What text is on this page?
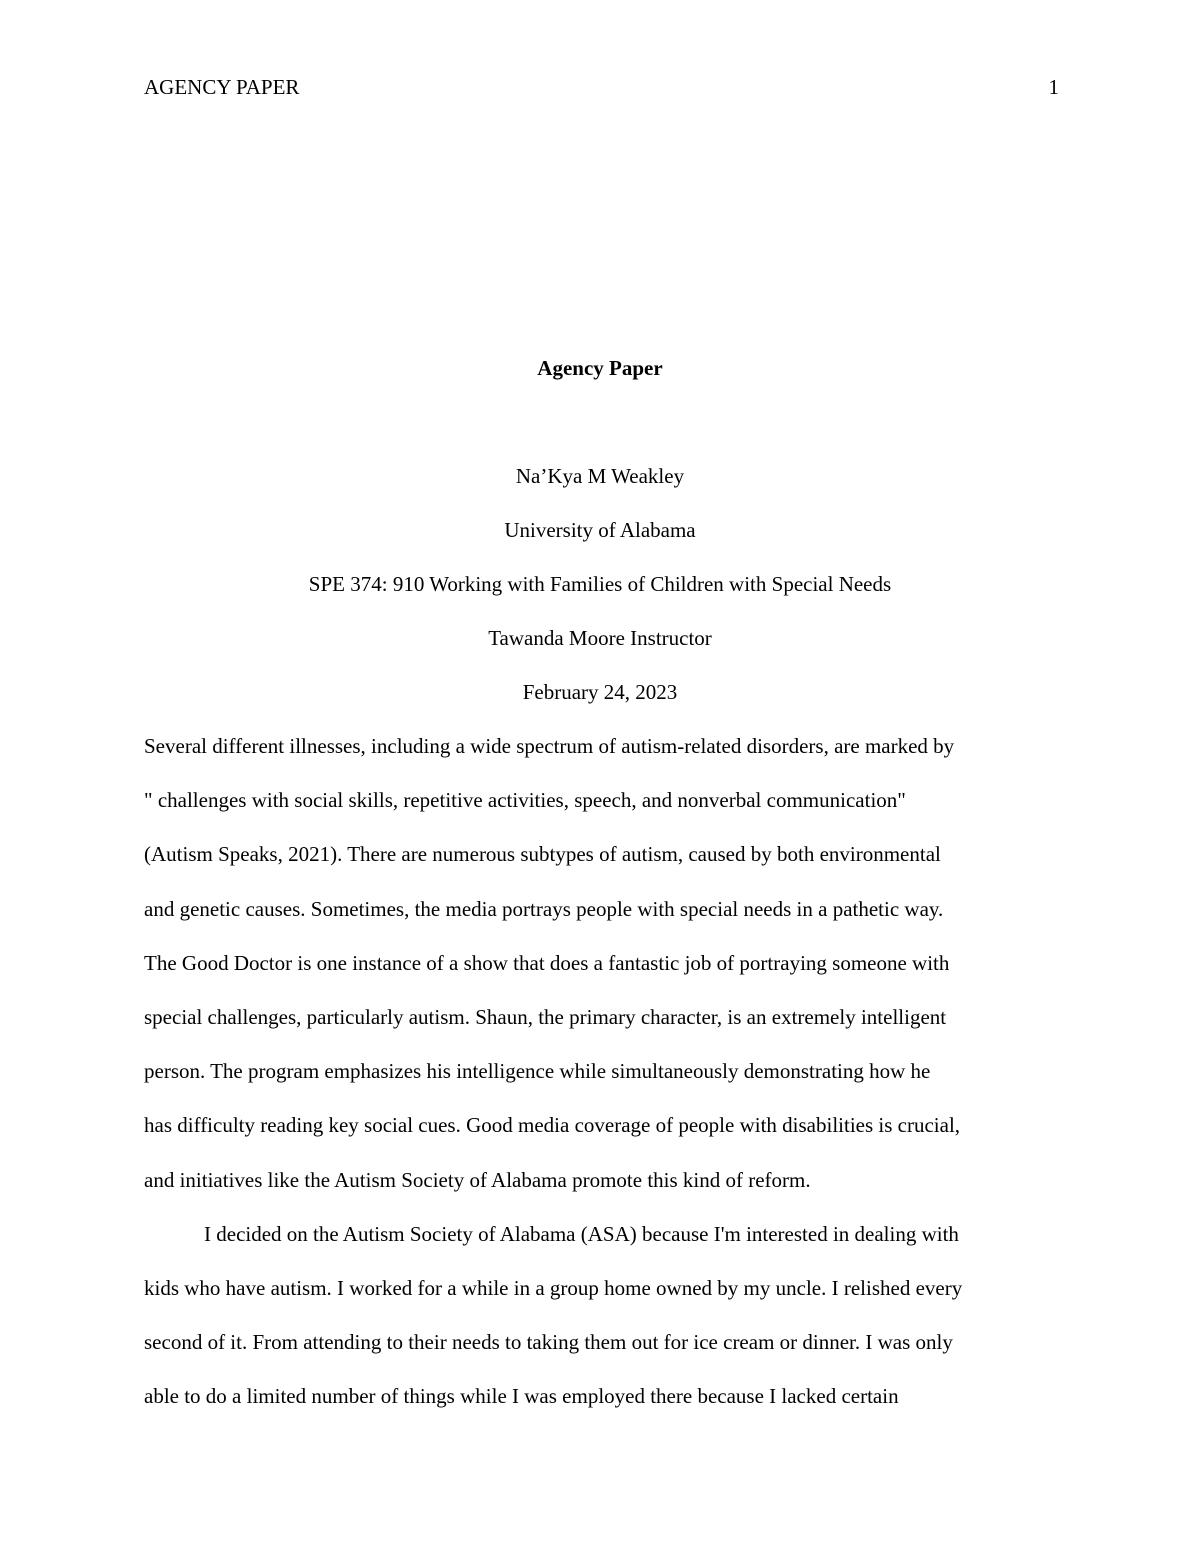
AGENCY PAPER	1

Agency Paper

Na’Kya M Weakley

University of Alabama

SPE 374: 910 Working with Families of Children with Special Needs

Tawanda Moore Instructor

February 24, 2023

Several different illnesses, including a wide spectrum of autism-related disorders, are marked by
" challenges with social skills, repetitive activities, speech, and nonverbal communication"
(Autism Speaks, 2021). There are numerous subtypes of autism, caused by both environmental
and genetic causes. Sometimes, the media portrays people with special needs in a pathetic way.
The Good Doctor is one instance of a show that does a fantastic job of portraying someone with
special challenges, particularly autism. Shaun, the primary character, is an extremely intelligent
person. The program emphasizes his intelligence while simultaneously demonstrating how he
has difficulty reading key social cues. Good media coverage of people with disabilities is crucial,
and initiatives like the Autism Society of Alabama promote this kind of reform.

I decided on the Autism Society of Alabama (ASA) because I'm interested in dealing with
kids who have autism. I worked for a while in a group home owned by my uncle. I relished every
second of it. From attending to their needs to taking them out for ice cream or dinner. I was only
able to do a limited number of things while I was employed there because I lacked certain
